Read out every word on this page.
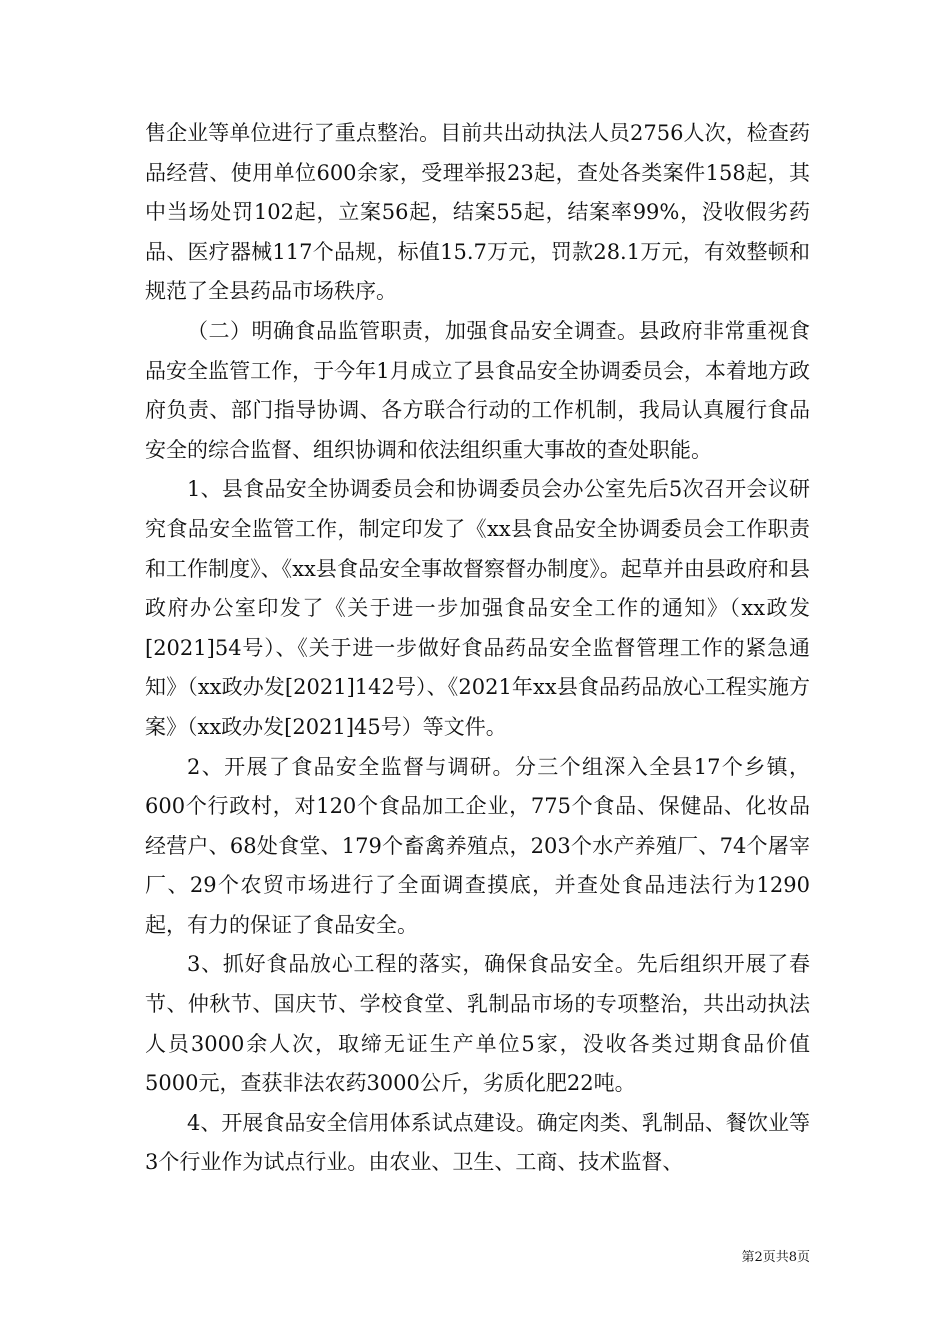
售企业等单位进行了重点整治。目前共出动执法人员2756人次，检查药品经营、使用单位600余家，受理举报23起，查处各类案件158起，其中当场处罚102起，立案56起，结案55起，结案率99%，没收假劣药品、医疗器械117个品规，标值15.7万元，罚款28.1万元，有效整顿和规范了全县药品市场秩序。

（二）明确食品监管职责，加强食品安全调查。县政府非常重视食品安全监管工作，于今年1月成立了县食品安全协调委员会，本着地方政府负责、部门指导协调、各方联合行动的工作机制，我局认真履行食品安全的综合监督、组织协调和依法组织重大事故的查处职能。

1、县食品安全协调委员会和协调委员会办公室先后5次召开会议研究食品安全监管工作，制定印发了《xx县食品安全协调委员会工作职责和工作制度》、《xx县食品安全事故督察督办制度》。起草并由县政府和县政府办公室印发了《关于进一步加强食品安全工作的通知》（xx政发[2021]54号）、《关于进一步做好食品药品安全监督管理工作的紧急通知》（xx政办发[2021]142号）、《2021年xx县食品药品放心工程实施方案》（xx政办发[2021]45号）等文件。

2、开展了食品安全监督与调研。分三个组深入全县17个乡镇，600个行政村，对120个食品加工企业，775个食品、保健品、化妆品经营户、68处食堂、179个畜禽养殖点，203个水产养殖厂、74个屠宰厂、29个农贸市场进行了全面调查摸底，并查处食品违法行为1290起，有力的保证了食品安全。

3、抓好食品放心工程的落实，确保食品安全。先后组织开展了春节、仲秋节、国庆节、学校食堂、乳制品市场的专项整治，共出动执法人员3000余人次，取缔无证生产单位5家，没收各类过期食品价值5000元，查获非法农药3000公斤，劣质化肥22吨。

4、开展食品安全信用体系试点建设。确定肉类、乳制品、餐饮业等3个行业作为试点行业。由农业、卫生、工商、技术监督、

第2页共8页
